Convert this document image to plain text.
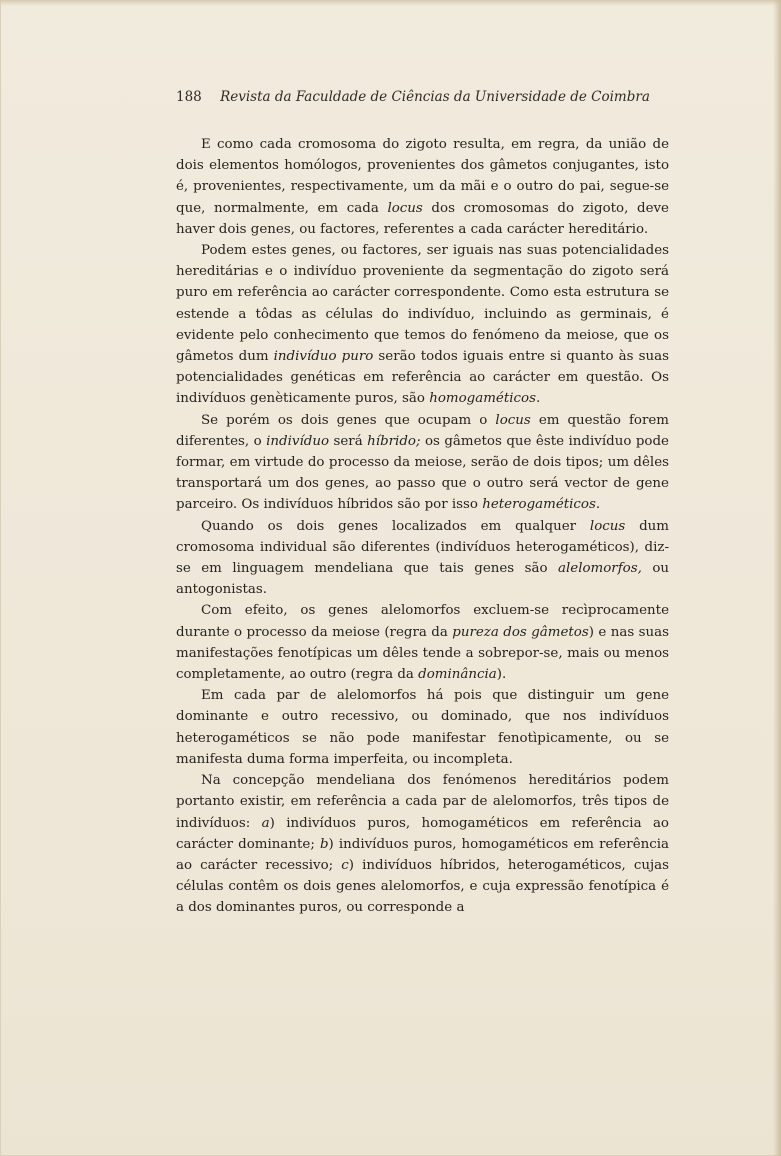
188 Revista da Faculdade de Ciências da Universidade de Coimbra

E como cada cromosoma do zigoto resulta, em regra, da união de dois elementos homólogos, provenientes dos gâmetos conjugantes, isto é, provenientes, respectivamente, um da mãi e o outro do pai, segue-se que, normalmente, em cada locus dos cromosomas do zigoto, deve haver dois genes, ou factores, referentes a cada carácter hereditário.

Podem estes genes, ou factores, ser iguais nas suas potencialidades hereditárias e o indivíduo proveniente da segmentação do zigoto será puro em referência ao carácter correspondente. Como esta estrutura se estende a tôdas as células do indivíduo, incluindo as germinais, é evidente pelo conhecimento que temos do fenómeno da meiose, que os gâmetos dum indivíduo puro serão todos iguais entre si quanto às suas potencialidades genéticas em referência ao carácter em questão. Os indivíduos genèticamente puros, são homogaméticos.

Se porém os dois genes que ocupam o locus em questão forem diferentes, o indivíduo será híbrido; os gâmetos que êste indivíduo pode formar, em virtude do processo da meiose, serão de dois tipos; um dêles transportará um dos genes, ao passo que o outro será vector de gene parceiro. Os indivíduos híbridos são por isso heterogaméticos.

Quando os dois genes localizados em qualquer locus dum cromosoma individual são diferentes (indivíduos heterogaméticos), diz-se em linguagem mendeliana que tais genes são alelomorfos, ou antogonistas.

Com efeito, os genes alelomorfos excluem-se recìprocamente durante o processo da meiose (regra da pureza dos gâmetos) e nas suas manifestações fenotípicas um dêles tende a sobrepor-se, mais ou menos completamente, ao outro (regra da dominância).

Em cada par de alelomorfos há pois que distinguir um gene dominante e outro recessivo, ou dominado, que nos indivíduos heterogaméticos se não pode manifestar fenotìpicamente, ou se manifesta duma forma imperfeita, ou incompleta.

Na concepção mendeliana dos fenómenos hereditários podem portanto existir, em referência a cada par de alelomorfos, três tipos de indivíduos: a) indivíduos puros, homogaméticos em referência ao carácter dominante; b) indivíduos puros, homogaméticos em referência ao carácter recessivo; c) indivíduos híbridos, heterogaméticos, cujas células contêm os dois genes alelomorfos, e cuja expressão fenotípica é a dos dominantes puros, ou corresponde a
